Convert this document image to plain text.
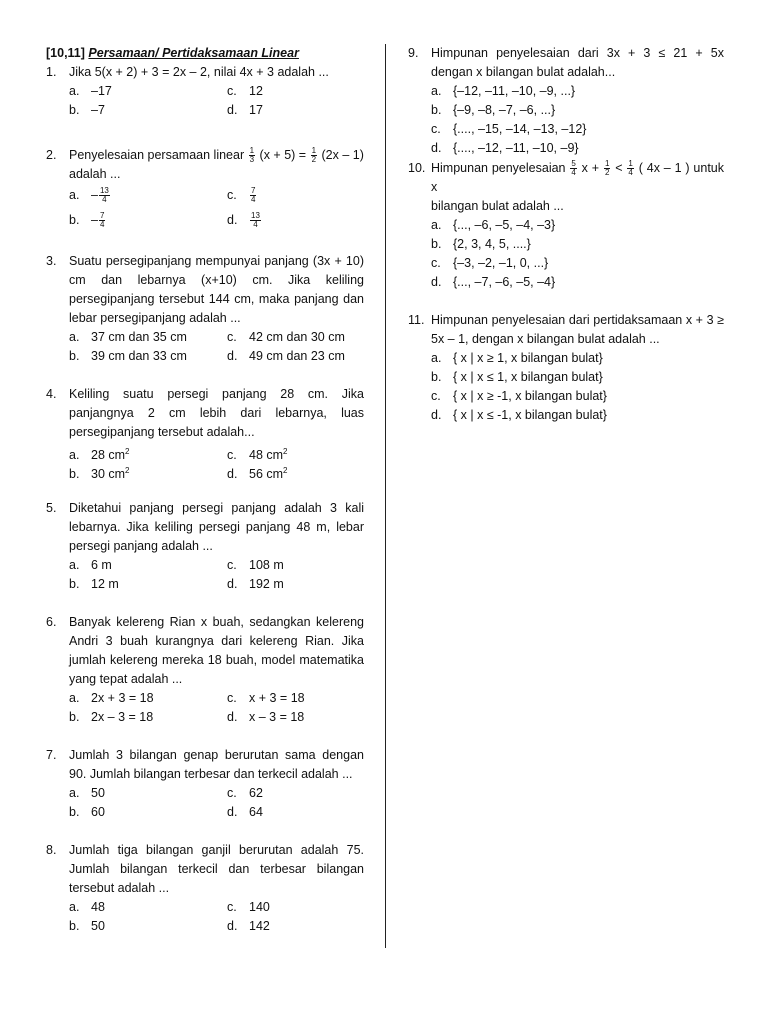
[10,11] Persamaan/ Pertidaksamaan Linear
1. Jika 5(x + 2) + 3 = 2x – 2, nilai 4x + 3 adalah ...
a. –17	c. 12
b. –7	d. 17
2. Penyelesaian persamaan linear $\frac{1}{3} (x + 5) = \frac{1}{2} (2x - 1)$
adalah ...
a. – $\frac{13}{4}$	c. $\frac{7}{4}$
b. – $\frac{7}{4}$	d. $\frac{13}{4}$
3. Suatu persegipanjang mempunyai panjang (3x + 10) cm dan lebarnya (x+10) cm. Jika keliling persegipanjang tersebut 144 cm, maka panjang dan lebar persegipanjang adalah ...
a. 37 cm dan 35 cm	c. 42 cm dan 30 cm
b. 39 cm dan 33 cm	d. 49 cm dan 23 cm
4. Keliling suatu persegi panjang 28 cm. Jika panjangnya 2 cm lebih dari lebarnya, luas persegipanjang tersebut adalah...
a. 28 $cm^2$	c. 48 $cm^2$
b. 30 $cm^2$	d. 56 $cm^2$
5. Diketahui panjang persegi panjang adalah 3 kali lebarnya. Jika keliling persegi panjang 48 m, lebar persegi panjang adalah ...
a. 6 m	c. 108 m
b. 12 m	d. 192 m
6. Banyak kelereng Rian x buah, sedangkan kelereng Andri 3 buah kurangnya dari kelereng Rian. Jika jumlah kelereng mereka 18 buah, model matematika yang tepat adalah ...
a. 2x + 3 = 18	c. x + 3 = 18
b. 2x – 3 = 18	d. x – 3 = 18
7. Jumlah 3 bilangan genap berurutan sama dengan 90. Jumlah bilangan terbesar dan terkecil adalah ...
a. 50	c. 62
b. 60	d. 64
8. Jumlah tiga bilangan ganjil berurutan adalah 75. Jumlah bilangan terkecil dan terbesar bilangan tersebut adalah ...
a. 48	c. 140
b. 50	d. 142
9. Himpunan penyelesaian dari 3x + 3 ≤ 21 + 5x dengan x bilangan bulat adalah...
a. {–12, –11, –10, –9, ...}
b. {–9, –8, –7, –6, ...}
c. {...., –15, –14, –13, –12}
d. {...., –12, –11, –10, –9}
10. Himpunan penyelesaian $\frac{5}{4}$ $x + \frac{1}{2} < \frac{1}{4}$ ( 4x – 1 ) untuk x
bilangan bulat adalah ...
a. {..., –6, –5, –4, –3}
b. {2, 3, 4, 5, ....}
c. {–3, –2, –1, 0, ...}
d. {..., –7, –6, –5, –4}
11. Himpunan penyelesaian dari pertidaksamaan x + 3 ≥ 5x – 1, dengan x bilangan bulat adalah ...
a. { x | x ≥ 1, x bilangan bulat}
b. { x | x ≤ 1, x bilangan bulat}
c. { x | x ≥ -1, x bilangan bulat}
d. { x | x ≤ -1, x bilangan bulat}
